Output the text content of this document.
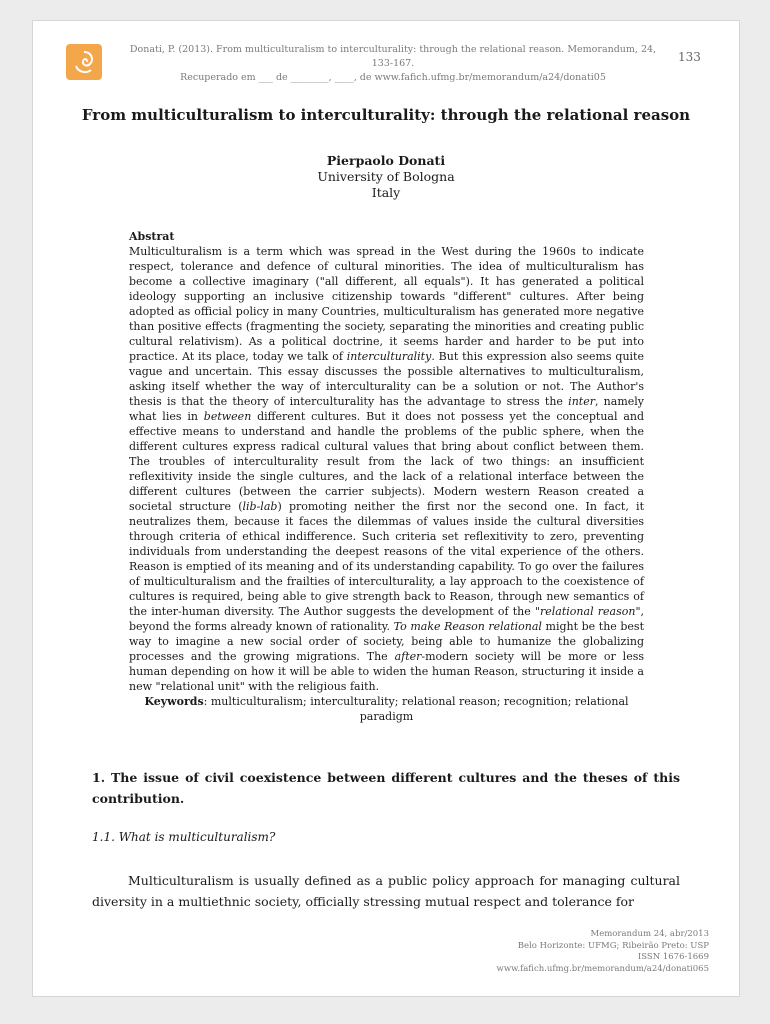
Donati, P. (2013). From multiculturalism to interculturality: through the relational reason. Memorandum, 24, 133-167.
Recuperado em ___ de ________, ____, de www.fafich.ufmg.br/memorandum/a24/donati05
133
From multiculturalism to interculturality: through the relational reason
Pierpaolo Donati
University of Bologna
Italy
Abstrat
Multiculturalism is a term which was spread in the West during the 1960s to indicate respect, tolerance and defence of cultural minorities. The idea of multiculturalism has become a collective imaginary ("all different, all equals"). It has generated a political ideology supporting an inclusive citizenship towards "different" cultures. After being adopted as official policy in many Countries, multiculturalism has generated more negative than positive effects (fragmenting the society, separating the minorities and creating public cultural relativism). As a political doctrine, it seems harder and harder to be put into practice. At its place, today we talk of interculturality. But this expression also seems quite vague and uncertain. This essay discusses the possible alternatives to multiculturalism, asking itself whether the way of interculturality can be a solution or not. The Author's thesis is that the theory of interculturality has the advantage to stress the inter, namely what lies in between different cultures. But it does not possess yet the conceptual and effective means to understand and handle the problems of the public sphere, when the different cultures express radical cultural values that bring about conflict between them. The troubles of interculturality result from the lack of two things: an insufficient reflexitivity inside the single cultures, and the lack of a relational interface between the different cultures (between the carrier subjects). Modern western Reason created a societal structure (lib-lab) promoting neither the first nor the second one. In fact, it neutralizes them, because it faces the dilemmas of values inside the cultural diversities through criteria of ethical indifference. Such criteria set reflexitivity to zero, preventing individuals from understanding the deepest reasons of the vital experience of the others. Reason is emptied of its meaning and of its understanding capability. To go over the failures of multiculturalism and the frailties of interculturality, a lay approach to the coexistence of cultures is required, being able to give strength back to Reason, through new semantics of the inter-human diversity. The Author suggests the development of the "relational reason", beyond the forms already known of rationality. To make Reason relational might be the best way to imagine a new social order of society, being able to humanize the globalizing processes and the growing migrations. The after-modern society will be more or less human depending on how it will be able to widen the human Reason, structuring it inside a new "relational unit" with the religious faith.
Keywords: multiculturalism; interculturality; relational reason; recognition; relational paradigm
1. The issue of civil coexistence between different cultures and the theses of this contribution.
1.1. What is multiculturalism?
Multiculturalism is usually defined as a public policy approach for managing cultural diversity in a multiethnic society, officially stressing mutual respect and tolerance for
Memorandum 24, abr/2013
Belo Horizonte: UFMG; Ribeirão Preto: USP
ISSN 1676-1669
www.fafich.ufmg.br/memorandum/a24/donati065
